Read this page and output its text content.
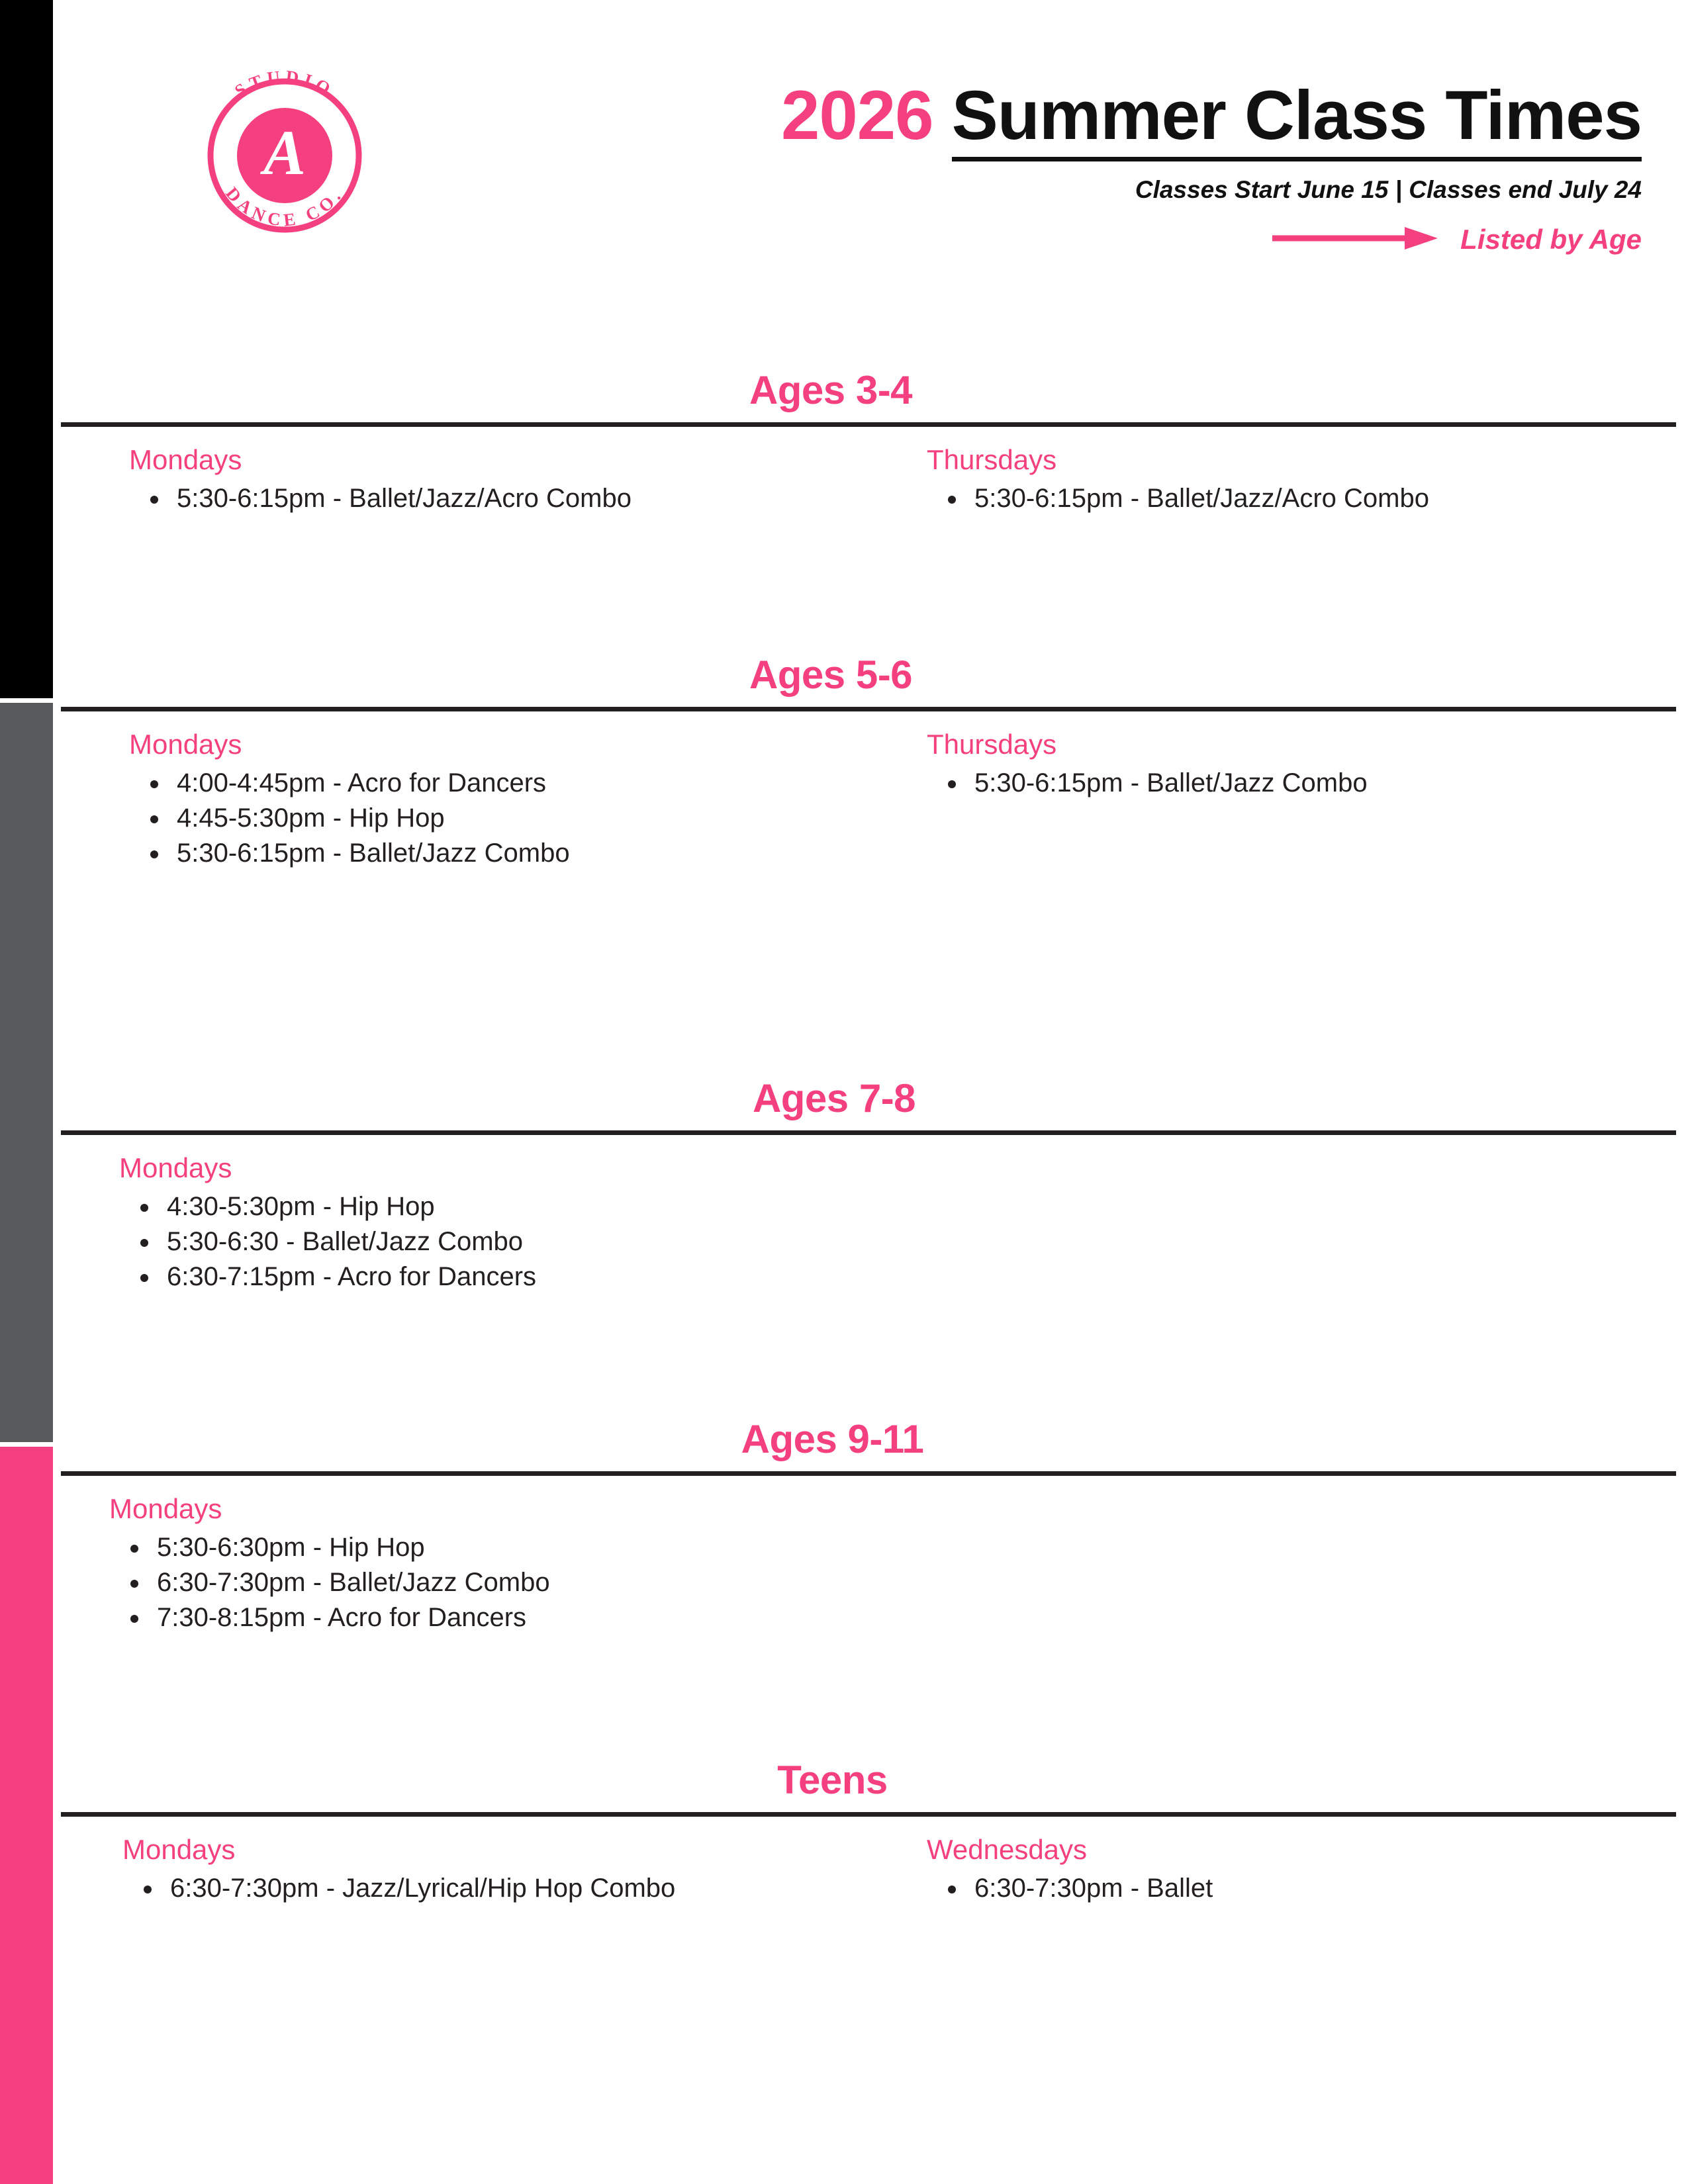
STUDIO
DANCE CO.
A	2026 Summer Class Times
Classes Start June 15 | Classes end July 24
Listed by Age
Ages 3-4
Mondays
• 5:30-6:15pm - Ballet/Jazz/Acro Combo
Thursdays
• 5:30-6:15pm - Ballet/Jazz/Acro Combo
Ages 5-6
Mondays
• 4:00-4:45pm - Acro for Dancers
• 4:45-5:30pm - Hip Hop
• 5:30-6:15pm - Ballet/Jazz Combo
Thursdays
• 5:30-6:15pm - Ballet/Jazz Combo
Ages 7-8
Mondays
• 4:30-5:30pm - Hip Hop
• 5:30-6:30 - Ballet/Jazz Combo
• 6:30-7:15pm - Acro for Dancers
Ages 9-11
Mondays
• 5:30-6:30pm - Hip Hop
• 6:30-7:30pm - Ballet/Jazz Combo
• 7:30-8:15pm - Acro for Dancers
Teens
Mondays
• 6:30-7:30pm - Jazz/Lyrical/Hip Hop Combo
Wednesdays
• 6:30-7:30pm - Ballet
